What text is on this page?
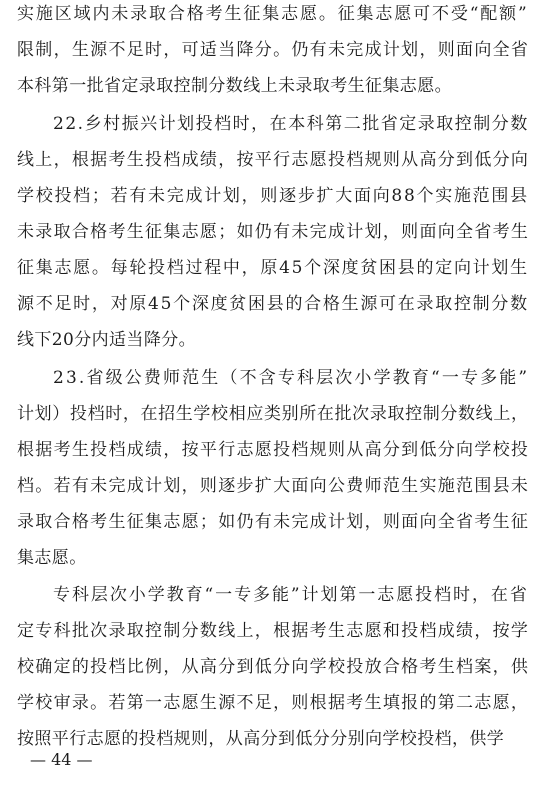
实施区域内未录取合格考生征集志愿。征集志愿可不受“配额”
限制，生源不足时，可适当降分。仍有未完成计划，则面向全省
本科第一批省定录取控制分数线上未录取考生征集志愿。
22.乡村振兴计划投档时，在本科第二批省定录取控制分数
线上，根据考生投档成绩，按平行志愿投档规则从高分到低分向
学校投档；若有未完成计划，则逐步扩大面向88个实施范围县
未录取合格考生征集志愿；如仍有未完成计划，则面向全省考生
征集志愿。每轮投档过程中，原45个深度贫困县的定向计划生
源不足时，对原45个深度贫困县的合格生源可在录取控制分数
线下20分内适当降分。
23.省级公费师范生（不含专科层次小学教育“一专多能”
计划）投档时，在招生学校相应类别所在批次录取控制分数线上，
根据考生投档成绩，按平行志愿投档规则从高分到低分向学校投
档。若有未完成计划，则逐步扩大面向公费师范生实施范围县未
录取合格考生征集志愿；如仍有未完成计划，则面向全省考生征
集志愿。
专科层次小学教育“一专多能”计划第一志愿投档时，在省
定专科批次录取控制分数线上，根据考生志愿和投档成绩，按学
校确定的投档比例，从高分到低分向学校投放合格考生档案，供
学校审录。若第一志愿生源不足，则根据考生填报的第二志愿，
按照平行志愿的投档规则，从高分到低分分别向学校投档，供学
— 44 —
